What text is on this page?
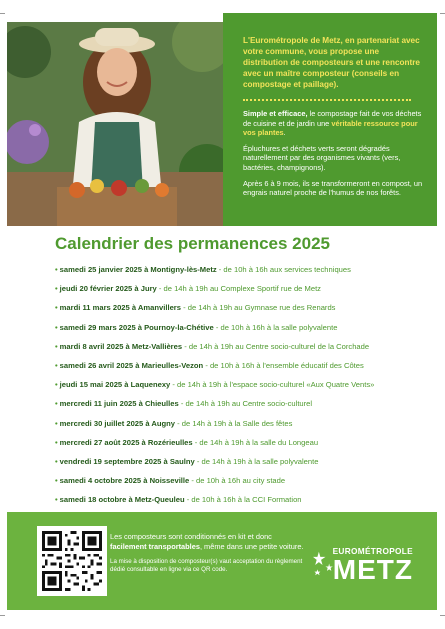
L'Eurométropole de Metz, en partenariat avec votre commune, vous propose une distribution de composteurs et une rencontre avec un maître composteur (conseils en compostage et paillage).

Simple et efficace, le compostage fait de vos déchets de cuisine et de jardin une véritable ressource pour vos plantes.

Épluchures et déchets verts seront dégradés naturellement par des organismes vivants (vers, bactéries, champignons).

Après 6 à 9 mois, ils se transformeront en compost, un engrais naturel proche de l'humus de nos forêts.

Calendrier des permanences 2025
• samedi 25 janvier 2025 à Montigny-lès-Metz - de 10h à 16h aux services techniques
• jeudi 20 février 2025 à Jury - de 14h à 19h au Complexe Sportif rue de Metz
• mardi 11 mars 2025 à Amanvillers - de 14h à 19h au Gymnase rue des Renards
• samedi 29 mars 2025 à Pournoy-la-Chétive - de 10h à 16h à la salle polyvalente
• mardi 8 avril 2025 à Metz-Vallières - de 14h à 19h au Centre socio-culturel de la Corchade
• samedi 26 avril 2025 à Marieulles-Vezon - de 10h à 16h à l'ensemble éducatif des Côtes
• jeudi 15 mai 2025 à Laquenexy - de 14h à 19h à l'espace socio-culturel «Aux Quatre Vents»
• mercredi 11 juin 2025 à Chieulles - de 14h à 19h au Centre socio-culturel
• mercredi 30 juillet 2025 à Augny - de 14h à 19h à la Salle des fêtes
• mercredi 27 août 2025 à Rozérieulles - de 14h à 19h à la salle du Longeau
• vendredi 19 septembre 2025 à Saulny - de 14h à 19h à la salle polyvalente
• samedi 4 octobre 2025 à Noisseville - de 10h à 16h au city stade
• samedi 18 octobre à Metz-Queuleu - de 10h à 16h à la CCI Formation

Les composteurs sont conditionnés en kit et donc facilement transportables, même dans une petite voiture.

La mise à disposition de composteur(s) vaut acceptation du règlement dédié consultable en ligne via ce QR code.

EUROMÉTROPOLE
METZ
